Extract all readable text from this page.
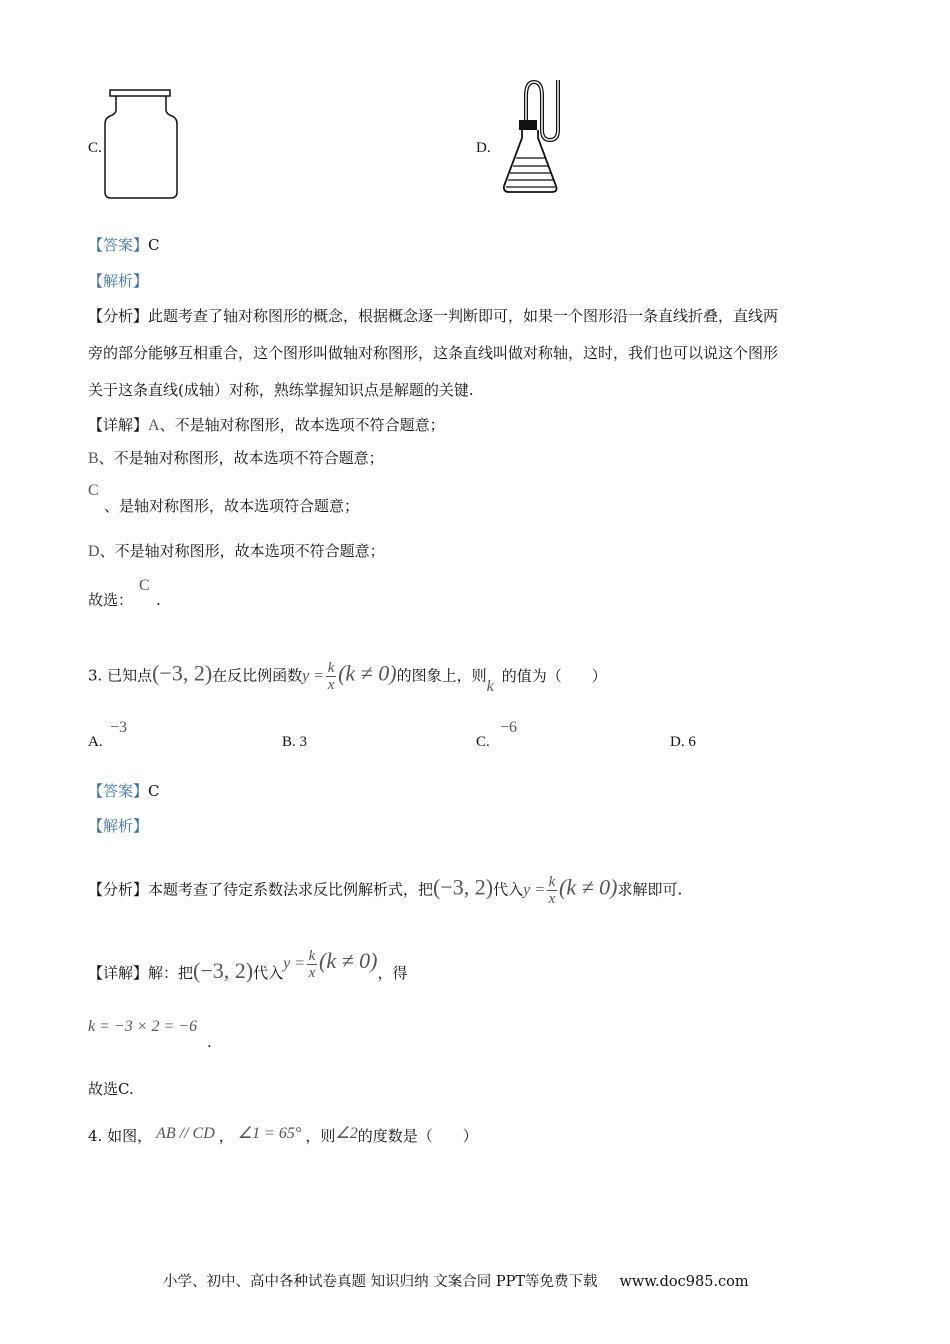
C.	D.
【答案】C
【解析】
【分析】此题考查了轴对称图形的概念，根据概念逐一判断即可，如果一个图形沿一条直线折叠，直线两
旁的部分能够互相重合，这个图形叫做轴对称图形，这条直线叫做对称轴，这时，我们也可以说这个图形
关于这条直线(成轴）对称，熟练掌握知识点是解题的关键.
【详解】A、不是轴对称图形，故本选项不符合题意；
B、不是轴对称图形，故本选项不符合题意；
C
、是轴对称图形，故本选项符合题意；
D、不是轴对称图形，故本选项不符合题意；
故选：
C
.
3. 已知点(−3, 2)在反比例函数$y = \frac{k}{x} (k \ne 0)$的图象上，则k的值为（　　）
A.
−3
B. 3	C.
−6
D. 6
【答案】C
【解析】
【分析】本题考查了待定系数法求反比例解析式，把(−3, 2)代入$y = \frac{k}{x} (k \ne 0)$求解即可.
【详解】解：把(−3, 2)代入$y = \frac{k}{x} (k \ne 0)$，得
k = −3 × 2 = −6
.
故选C.
4. 如图， AB // CD ， ∠1 = 65° ，则∠2的度数是（　　）
小学、初中、高中各种试卷真题 知识归纳 文案合同 PPT等免费下载 www.doc985.com
